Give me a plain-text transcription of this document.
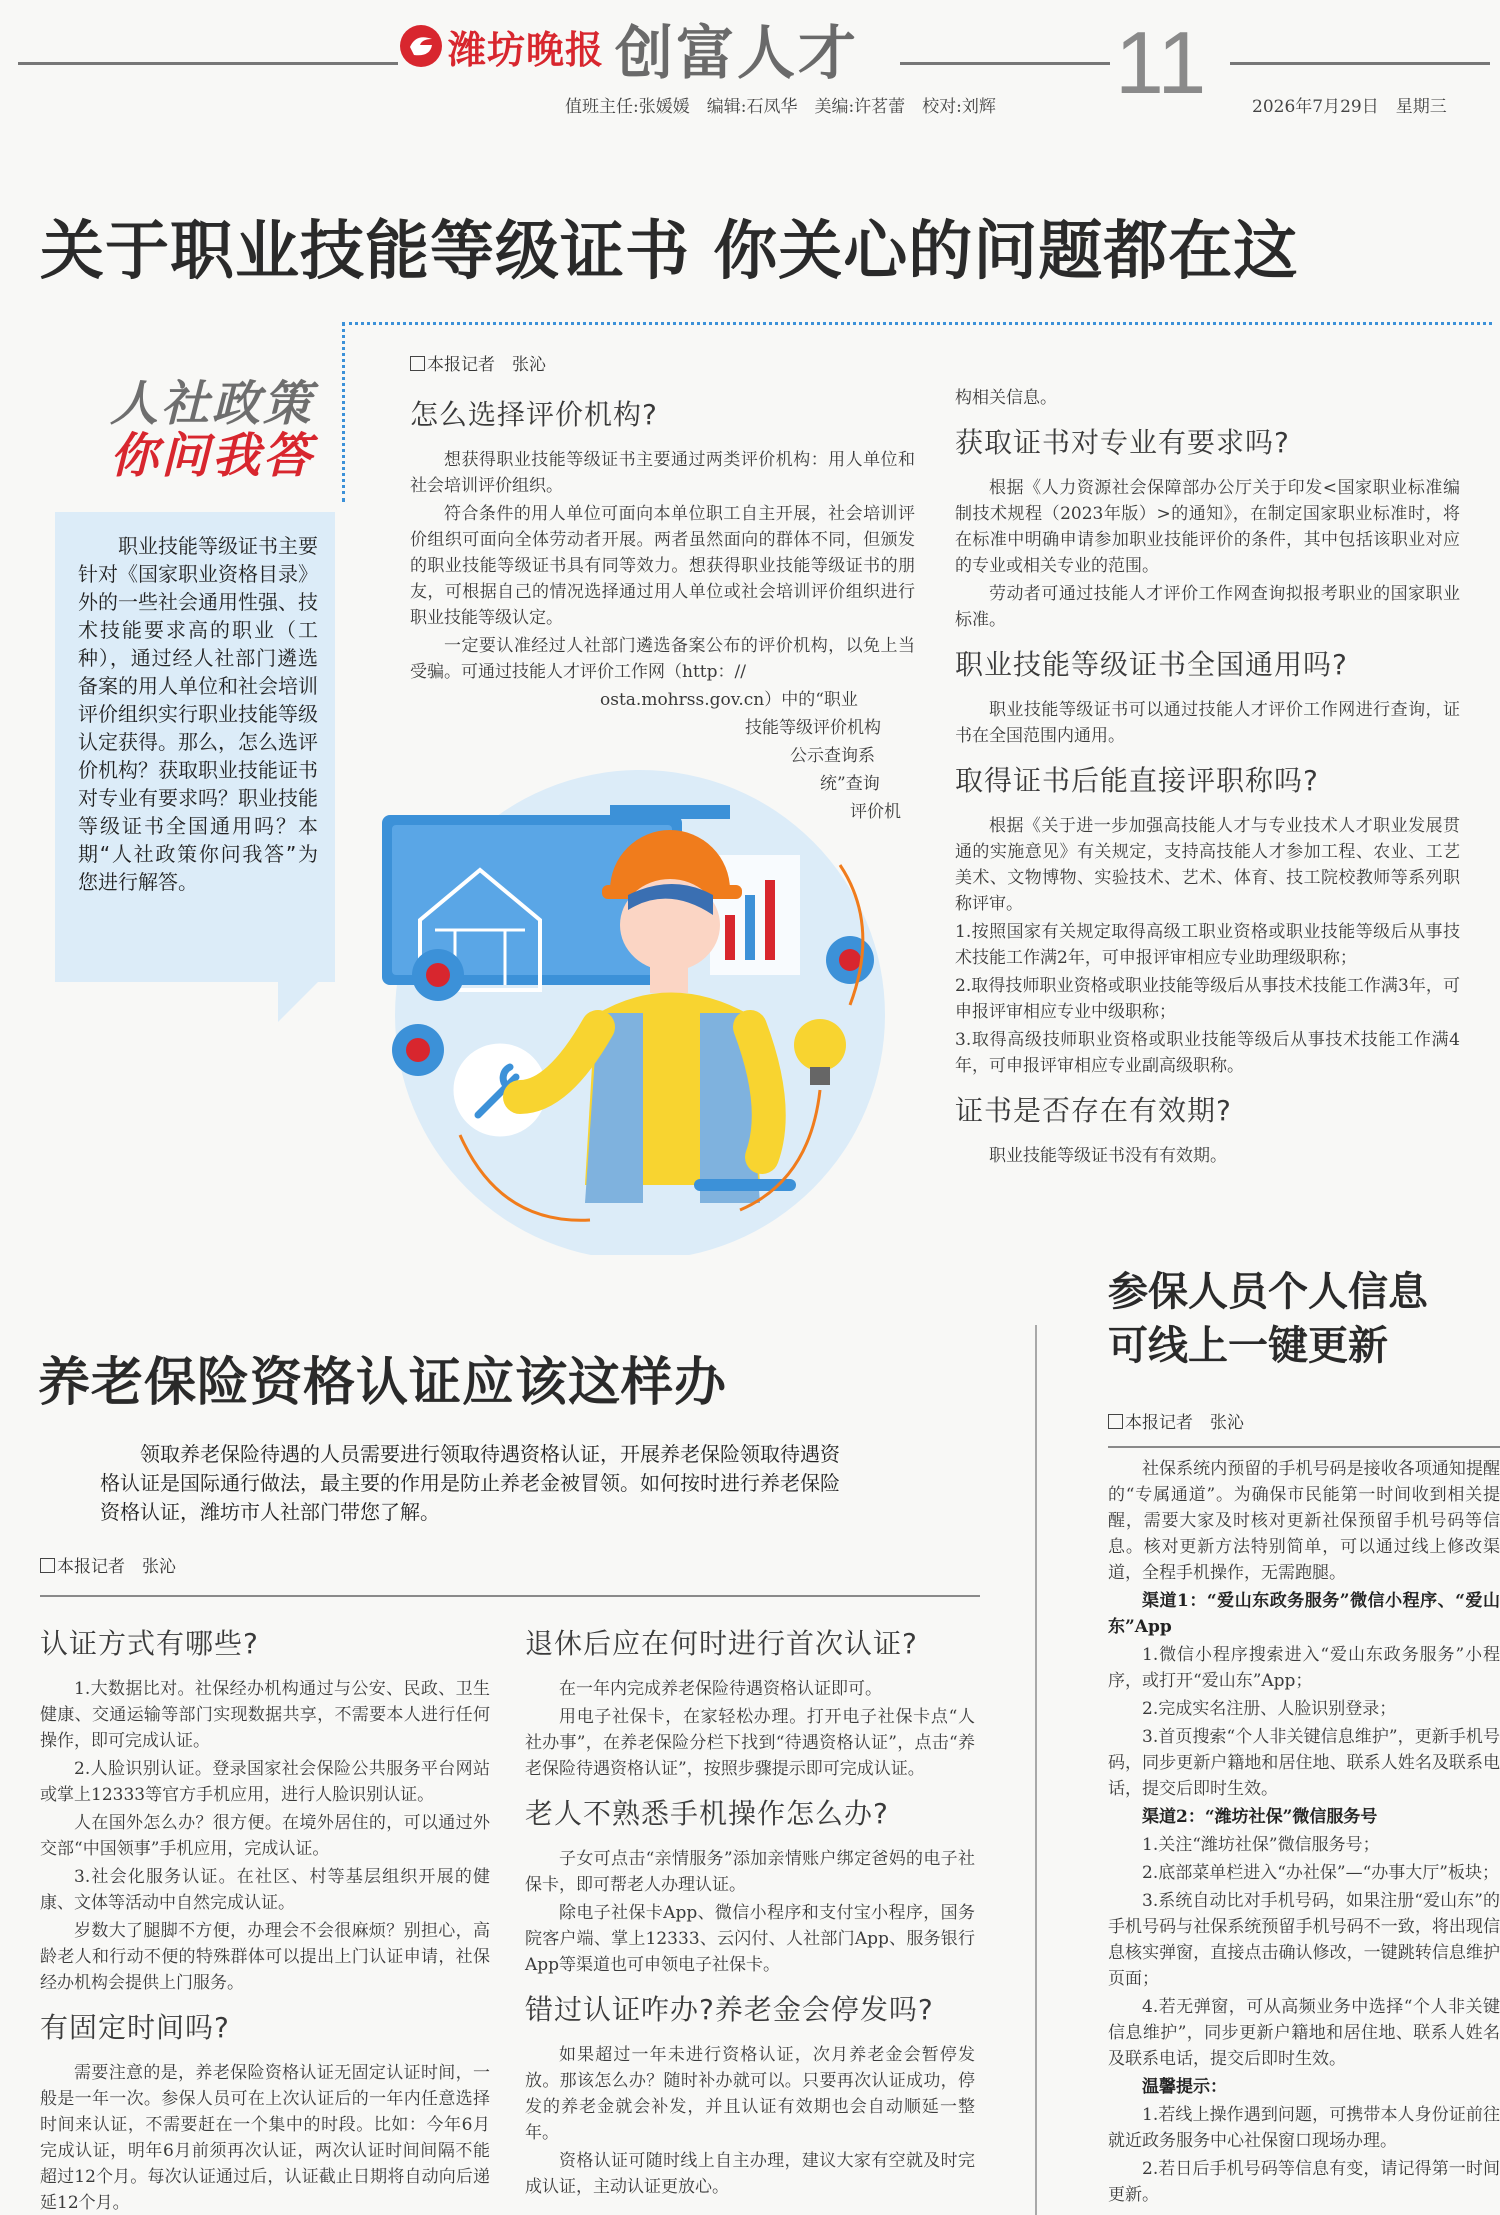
潍坊晚报 创富人才	11
值班主任:张媛媛　编辑:石凤华　美编:许茗蕾　校对:刘辉	2026年7月29日　星期三
关于职业技能等级证书 你关心的问题都在这
人社政策
你问我答
职业技能等级证书主要针对《国家职业资格目录》外的一些社会通用性强、技术技能要求高的职业（工种），通过经人社部门遴选备案的用人单位和社会培训评价组织实行职业技能等级认定获得。那么，怎么选评价机构？获取职业技能证书对专业有要求吗？职业技能等级证书全国通用吗？本期“人社政策你问我答”为您进行解答。
本报记者　张沁
怎么选择评价机构?

想获得职业技能等级证书主要通过两类评价机构：用人单位和社会培训评价组织。

符合条件的用人单位可面向本单位职工自主开展，社会培训评价组织可面向全体劳动者开展。两者虽然面向的群体不同，但颁发的职业技能等级证书具有同等效力。想获得职业技能等级证书的朋友，可根据自己的情况选择通过用人单位或社会培训评价组织进行职业技能等级认定。

一定要认准经过人社部门遴选备案公布的评价机构，以免上当受骗。可通过技能人才评价工作网（http：//

osta.mohrss.gov.cn）中的“职业

技能等级评价机构

公示查询系

统”查询

评价机

构相关信息。

获取证书对专业有要求吗?

根据《人力资源社会保障部办公厅关于印发<国家职业标准编制技术规程（2023年版）>的通知》，在制定国家职业标准时，将在标准中明确申请参加职业技能评价的条件，其中包括该职业对应的专业或相关专业的范围。

劳动者可通过技能人才评价工作网查询拟报考职业的国家职业标准。

职业技能等级证书全国通用吗?

职业技能等级证书可以通过技能人才评价工作网进行查询，证书在全国范围内通用。

取得证书后能直接评职称吗?

根据《关于进一步加强高技能人才与专业技术人才职业发展贯通的实施意见》有关规定，支持高技能人才参加工程、农业、工艺美术、文物博物、实验技术、艺术、体育、技工院校教师等系列职称评审。

1.按照国家有关规定取得高级工职业资格或职业技能等级后从事技术技能工作满2年，可申报评审相应专业助理级职称；

2.取得技师职业资格或职业技能等级后从事技术技能工作满3年，可申报评审相应专业中级职称；

3.取得高级技师职业资格或职业技能等级后从事技术技能工作满4年，可申报评审相应专业副高级职称。

证书是否存在有效期?

职业技能等级证书没有有效期。

养老保险资格认证应该这样办
领取养老保险待遇的人员需要进行领取待遇资格认证，开展养老保险领取待遇资格认证是国际通行做法，最主要的作用是防止养老金被冒领。如何按时进行养老保险资格认证，潍坊市人社部门带您了解。
本报记者　张沁
认证方式有哪些?

1.大数据比对。社保经办机构通过与公安、民政、卫生健康、交通运输等部门实现数据共享，不需要本人进行任何操作，即可完成认证。

2.人脸识别认证。登录国家社会保险公共服务平台网站或掌上12333等官方手机应用，进行人脸识别认证。

人在国外怎么办？很方便。在境外居住的，可以通过外交部“中国领事”手机应用，完成认证。

3.社会化服务认证。在社区、村等基层组织开展的健康、文体等活动中自然完成认证。

岁数大了腿脚不方便，办理会不会很麻烦？别担心，高龄老人和行动不便的特殊群体可以提出上门认证申请，社保经办机构会提供上门服务。

有固定时间吗?

需要注意的是，养老保险资格认证无固定认证时间，一般是一年一次。参保人员可在上次认证后的一年内任意选择时间来认证，不需要赶在一个集中的时段。比如：今年6月完成认证，明年6月前须再次认证，两次认证时间间隔不能超过12个月。每次认证通过后，认证截止日期将自动向后递延12个月。

退休后应在何时进行首次认证?

在一年内完成养老保险待遇资格认证即可。

用电子社保卡，在家轻松办理。打开电子社保卡点“人社办事”，在养老保险分栏下找到“待遇资格认证”，点击“养老保险待遇资格认证”，按照步骤提示即可完成认证。

老人不熟悉手机操作怎么办?

子女可点击“亲情服务”添加亲情账户绑定爸妈的电子社保卡，即可帮老人办理认证。

除电子社保卡App、微信小程序和支付宝小程序，国务院客户端、掌上12333、云闪付、人社部门App、服务银行App等渠道也可申领电子社保卡。

错过认证咋办?养老金会停发吗?

如果超过一年未进行资格认证，次月养老金会暂停发放。那该怎么办？随时补办就可以。只要再次认证成功，停发的养老金就会补发，并且认证有效期也会自动顺延一整年。

资格认证可随时线上自主办理，建议大家有空就及时完成认证，主动认证更放心。

参保人员个人信息
可线上一键更新
本报记者　张沁

社保系统内预留的手机号码是接收各项通知提醒的“专属通道”。为确保市民能第一时间收到相关提醒，需要大家及时核对更新社保预留手机号码等信息。核对更新方法特别简单，可以通过线上修改渠道，全程手机操作，无需跑腿。

渠道1：“爱山东政务服务”微信小程序、“爱山东”App

1.微信小程序搜索进入“爱山东政务服务”小程序，或打开“爱山东”App；

2.完成实名注册、人脸识别登录；

3.首页搜索“个人非关键信息维护”，更新手机号码，同步更新户籍地和居住地、联系人姓名及联系电话，提交后即时生效。

渠道2：“潍坊社保”微信服务号

1.关注“潍坊社保”微信服务号；

2.底部菜单栏进入“办社保”—“办事大厅”板块；

3.系统自动比对手机号码，如果注册“爱山东”的手机号码与社保系统预留手机号码不一致，将出现信息核实弹窗，直接点击确认修改，一键跳转信息维护页面；

4.若无弹窗，可从高频业务中选择“个人非关键信息维护”，同步更新户籍地和居住地、联系人姓名及联系电话，提交后即时生效。

温馨提示：

1.若线上操作遇到问题，可携带本人身份证前往就近政务服务中心社保窗口现场办理。

2.若日后手机号码等信息有变，请记得第一时间更新。
